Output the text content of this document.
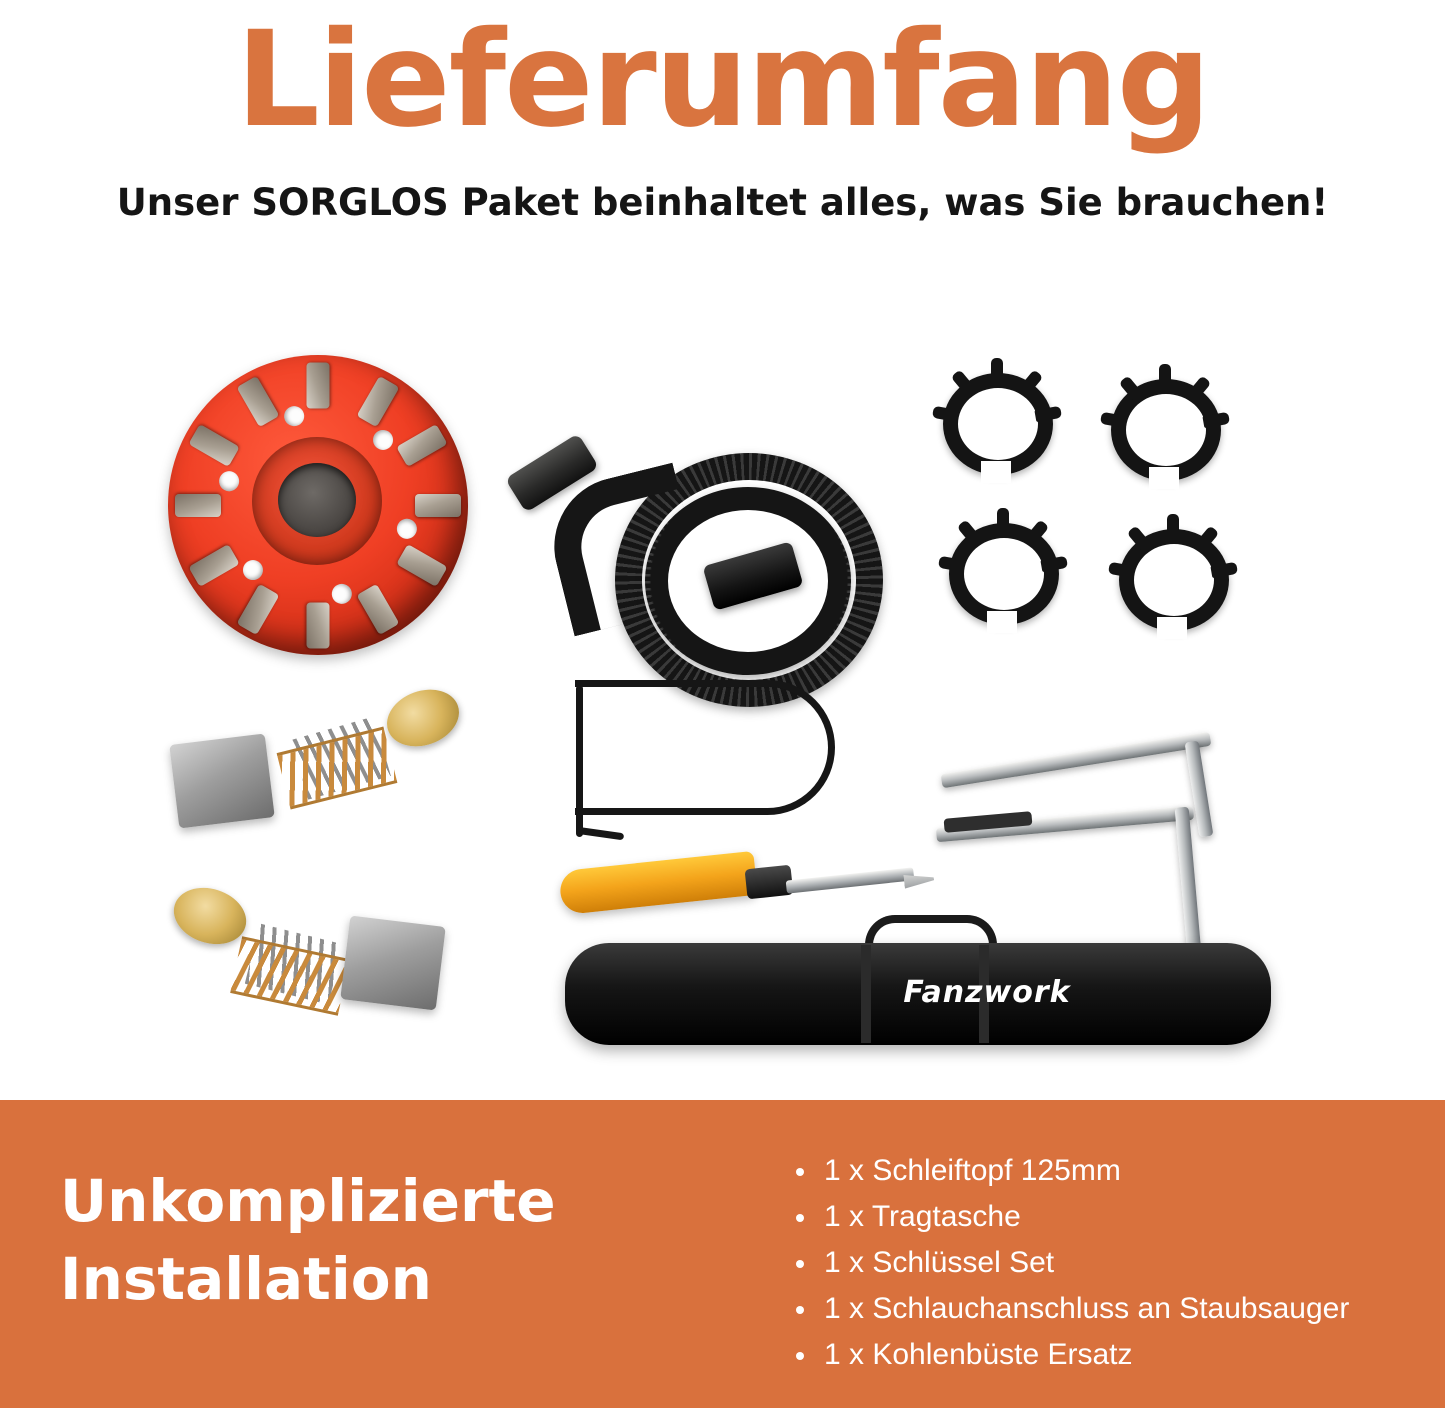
Lieferumfang
Unser SORGLOS Paket beinhaltet alles, was Sie brauchen!
Fanzwork
Unkomplizierte
Installation
1 x Schleiftopf 125mm
1 x Tragtasche
1 x Schlüssel Set
1 x Schlauchanschluss an Staubsauger
1 x Kohlenbüste Ersatz
